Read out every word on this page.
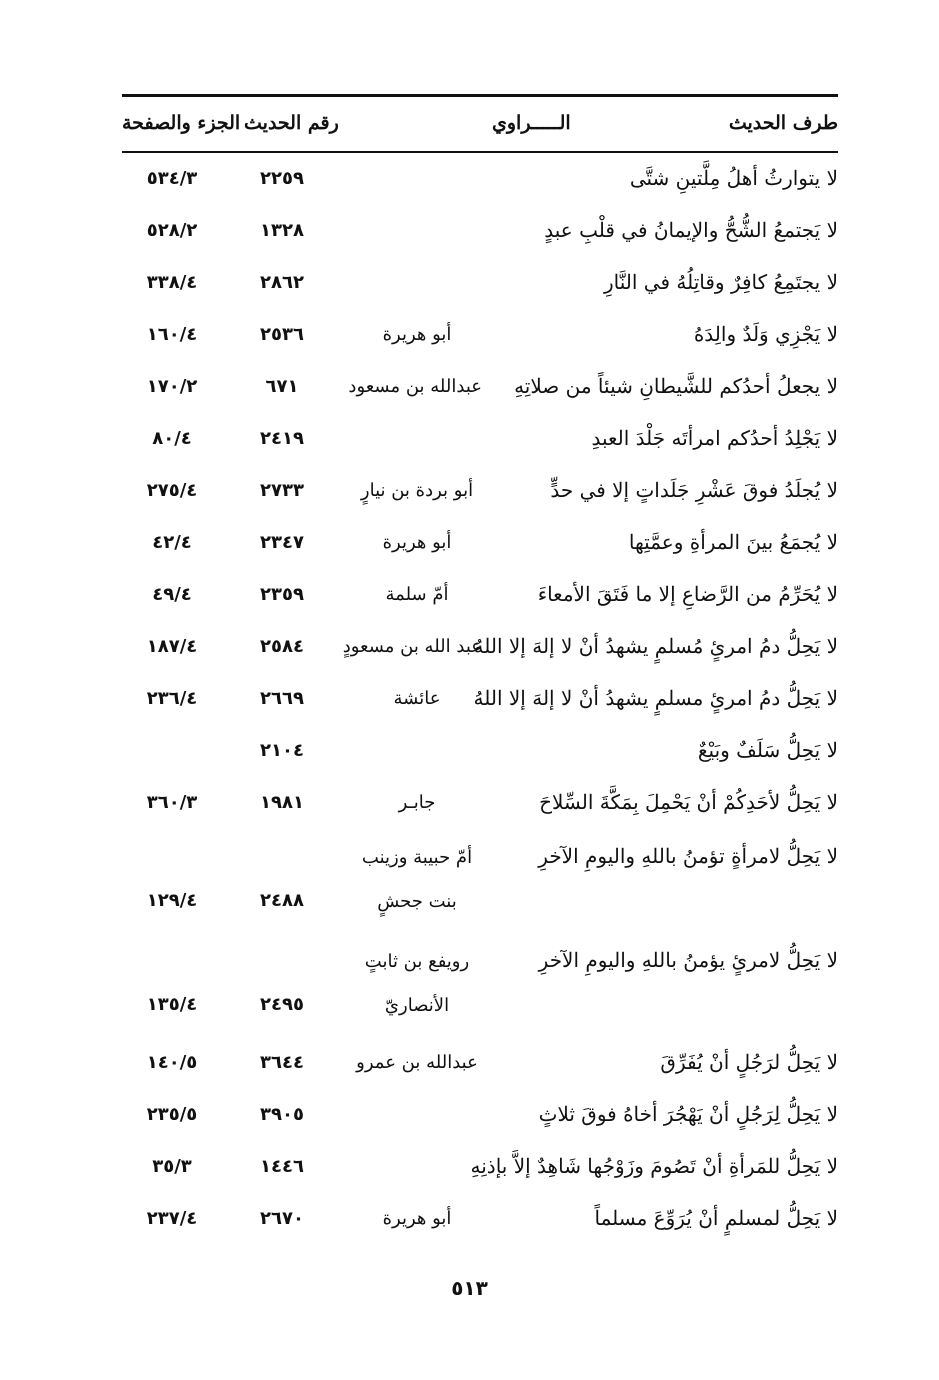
طرف الحديث
الـــــراوي
رقم الحديث
الجزء والصفحة
لا يتوارثُ أهلُ مِلَّتينِ شتَّى
٢٢٥٩
٥٣٤/٣
لا يَجتمعُ الشُّحُّ والإيمانُ في قلْبِ عبدٍ
١٣٢٨
٥٢٨/٢
لا يجتَمِعُ كافِرٌ وقاتِلُهُ في النَّارِ
٢٨٦٢
٣٣٨/٤
لا يَجْزِي وَلَدٌ والِدَهُ
أبو هريرة
٢٥٣٦
١٦٠/٤
لا يجعلُ أحدُكم للشَّيطانِ شيئاً من صلاتِهِ
عبدالله بن مسعود
٦٧١
١٧٠/٢
لا يَجْلِدُ أحدُكم امرأتَه جَلْدَ العبدِ
٢٤١٩
٨٠/٤
لا يُجلَدُ فوقَ عَشْرِ جَلَداتٍ إلا في حدٍّ
أبو بردة بن نيارٍ
٢٧٣٣
٢٧٥/٤
لا يُجمَعُ بينَ المرأةِ وعمَّتِها
أبو هريرة
٢٣٤٧
٤٢/٤
لا يُحَرِّمُ من الرَّضاعِ إلا ما فَتَقَ الأمعاءَ
أمّ سلمة
٢٣٥٩
٤٩/٤
لا يَحِلُّ دمُ امرئٍ مُسلمٍ يشهدُ أنْ لا إلهَ إلا اللهُ
عبد الله بن مسعودٍ
٢٥٨٤
١٨٧/٤
لا يَحِلُّ دمُ امرئٍ مسلمٍ يشهدُ أنْ لا إلهَ إلا اللهُ
عائشة
٢٦٦٩
٢٣٦/٤
لا يَحِلُّ سَلَفٌ وبَيْعٌ
٢١٠٤
لا يَحِلُّ لأحَدِكُمْ أنْ يَحْمِلَ بِمَكَّةَ السِّلاحَ
جابـر
١٩٨١
٣٦٠/٣
لا يَحِلُّ لامرأةٍ تؤمنُ باللهِ واليومِ الآخرِ
أمّ حبيبة وزينب بنت جحشٍ
٢٤٨٨
١٢٩/٤
لا يَحِلُّ لامرئٍ يؤمنُ باللهِ واليومِ الآخرِ
رويفع بن ثابتٍ الأنصاريّ
٢٤٩٥
١٣٥/٤
لا يَحِلُّ لرَجُلٍ أنْ يُفَرِّقَ
عبدالله بن عمرو
٣٦٤٤
١٤٠/٥
لا يَحِلُّ لِرَجُلٍ أنْ يَهْجُرَ أخاهُ فوقَ ثلاثٍ
٣٩٠٥
٢٣٥/٥
لا يَحِلُّ للمَرأةِ أنْ تَصُومَ وزَوْجُها شَاهِدٌ إلاَّ بإذنِهِ
١٤٤٦
٣٥/٣
لا يَحِلُّ لمسلمٍ أنْ يُرَوِّعَ مسلماً
أبو هريرة
٢٦٧٠
٢٣٧/٤
٥١٣
